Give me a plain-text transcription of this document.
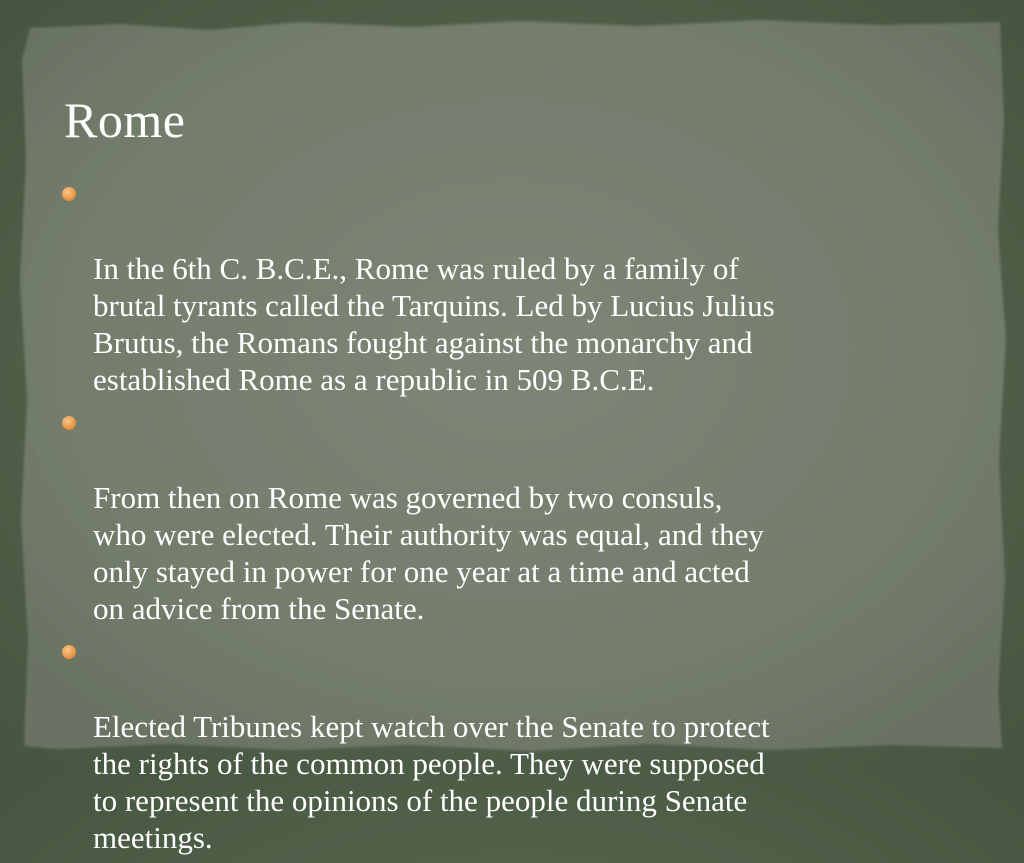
Rome

In the 6th C. B.C.E., Rome was ruled by a family of
brutal tyrants called the Tarquins. Led by Lucius Julius
Brutus, the Romans fought against the monarchy and
established Rome as a republic in 509 B.C.E.

From then on Rome was governed by two consuls,
who were elected. Their authority was equal, and they
only stayed in power for one year at a time and acted
on advice from the Senate.

Elected Tribunes kept watch over the Senate to protect
the rights of the common people. They were supposed
to represent the opinions of the people during Senate
meetings.
